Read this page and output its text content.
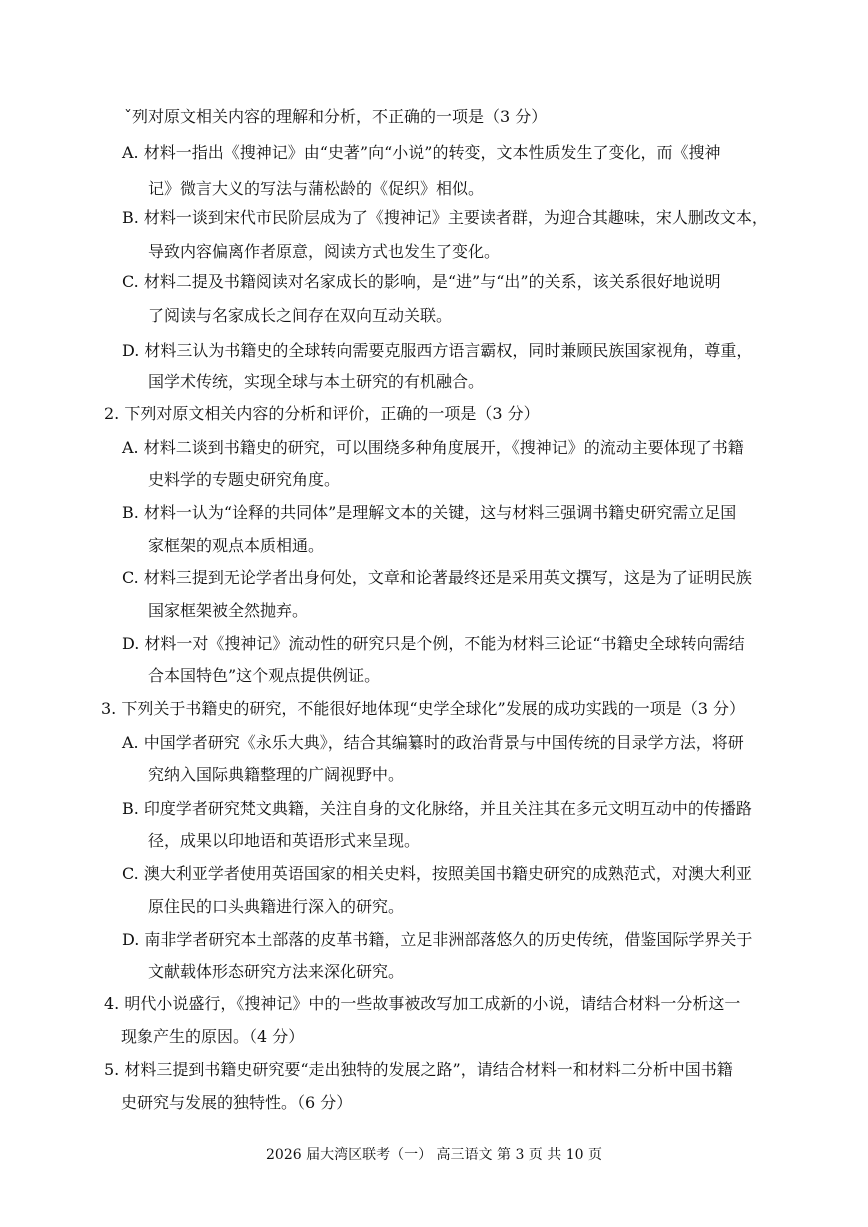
ˇ列对原文相关内容的理解和分析，不正确的一项是（3 分）
A. 材料一指出《搜神记》由“史著”向“小说”的转变，文本性质发生了变化，而《搜神
记》微言大义的写法与蒲松龄的《促织》相似。
B. 材料一谈到宋代市民阶层成为了《搜神记》主要读者群，为迎合其趣味，宋人删改文本，
导致内容偏离作者原意，阅读方式也发生了变化。
C. 材料二提及书籍阅读对名家成长的影响，是“进”与“出”的关系，该关系很好地说明
了阅读与名家成长之间存在双向互动关联。
D. 材料三认为书籍史的全球转向需要克服西方语言霸权，同时兼顾民族国家视角，尊重，
国学术传统，实现全球与本土研究的有机融合。
2. 下列对原文相关内容的分析和评价，正确的一项是（3 分）
A. 材料二谈到书籍史的研究，可以围绕多种角度展开，《搜神记》的流动主要体现了书籍
史料学的专题史研究角度。
B. 材料一认为“诠释的共同体”是理解文本的关键，这与材料三强调书籍史研究需立足国
家框架的观点本质相通。
C. 材料三提到无论学者出身何处，文章和论著最终还是采用英文撰写，这是为了证明民族
国家框架被全然抛弃。
D. 材料一对《搜神记》流动性的研究只是个例，不能为材料三论证“书籍史全球转向需结
合本国特色”这个观点提供例证。
3. 下列关于书籍史的研究，不能很好地体现“史学全球化”发展的成功实践的一项是（3 分）
A. 中国学者研究《永乐大典》，结合其编纂时的政治背景与中国传统的目录学方法，将研
究纳入国际典籍整理的广阔视野中。
B. 印度学者研究梵文典籍，关注自身的文化脉络，并且关注其在多元文明互动中的传播路
径，成果以印地语和英语形式来呈现。
C. 澳大利亚学者使用英语国家的相关史料，按照美国书籍史研究的成熟范式，对澳大利亚
原住民的口头典籍进行深入的研究。
D. 南非学者研究本土部落的皮革书籍，立足非洲部落悠久的历史传统，借鉴国际学界关于
文献载体形态研究方法来深化研究。
4. 明代小说盛行，《搜神记》中的一些故事被改写加工成新的小说，请结合材料一分析这一
现象产生的原因。（4 分）
5. 材料三提到书籍史研究要“走出独特的发展之路”，请结合材料一和材料二分析中国书籍
史研究与发展的独特性。（6 分）
2026 届大湾区联考（一） 高三语文 第 3 页 共 10 页
